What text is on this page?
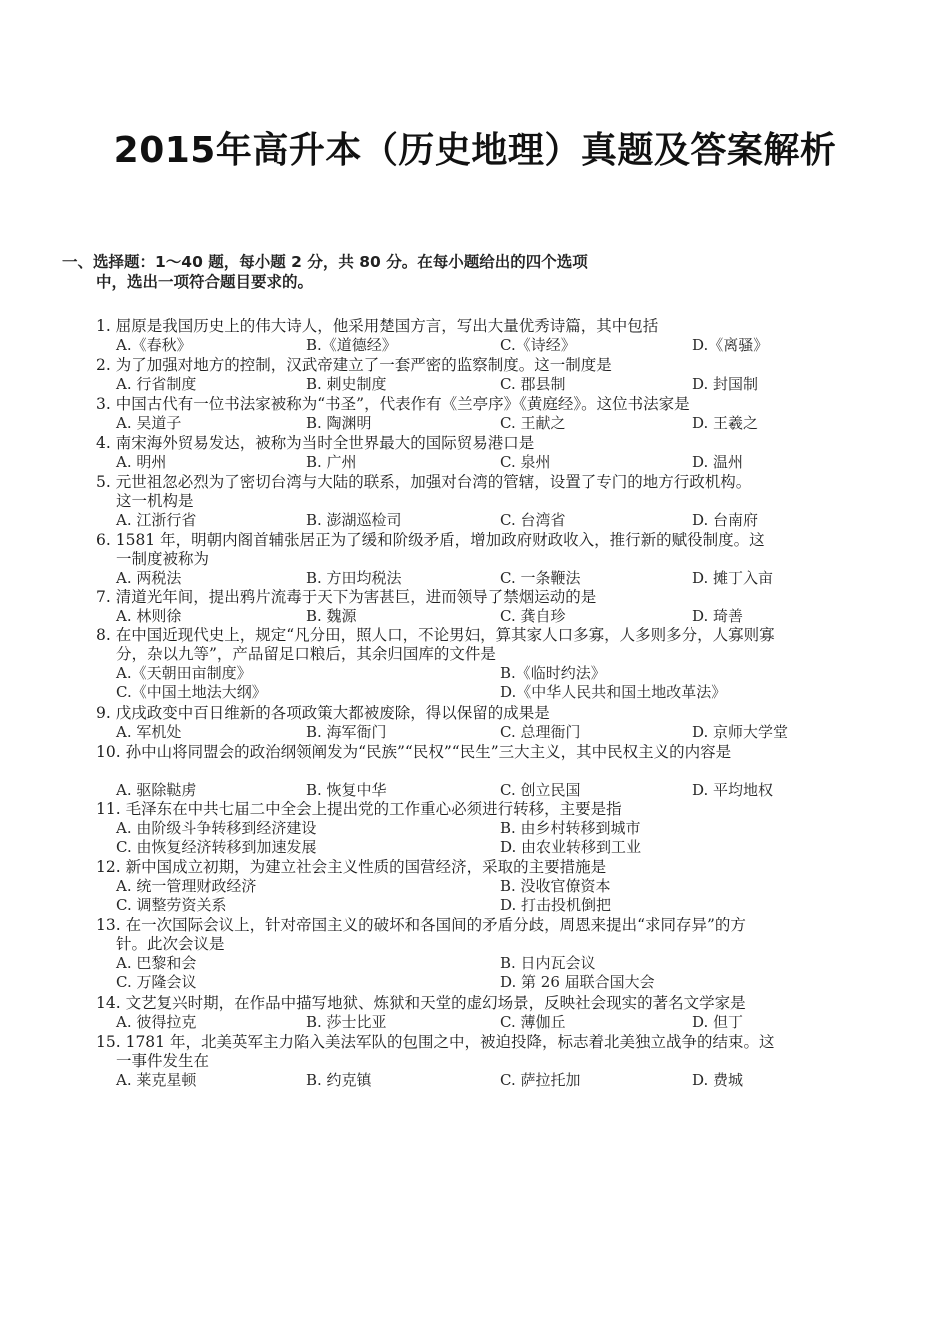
2015年高升本（历史地理）真题及答案解析
一、选择题：1～40 题，每小题 2 分，共 80 分。在每小题给出的四个选项
中，选出一项符合题目要求的。
1. 屈原是我国历史上的伟大诗人，他采用楚国方言，写出大量优秀诗篇，其中包括
A.《春秋》	B.《道德经》	C.《诗经》	D.《离骚》
2. 为了加强对地方的控制，汉武帝建立了一套严密的监察制度。这一制度是
A. 行省制度	B. 刺史制度	C. 郡县制	D. 封国制
3. 中国古代有一位书法家被称为“书圣”，代表作有《兰亭序》《黄庭经》。这位书法家是
A. 吴道子	B. 陶渊明	C. 王献之	D. 王羲之
4. 南宋海外贸易发达，被称为当时全世界最大的国际贸易港口是
A. 明州	B. 广州	C. 泉州	D. 温州
5. 元世祖忽必烈为了密切台湾与大陆的联系，加强对台湾的管辖，设置了专门的地方行政机构。
这一机构是
A. 江浙行省	B. 澎湖巡检司	C. 台湾省	D. 台南府
6. 1581 年，明朝内阁首辅张居正为了缓和阶级矛盾，增加政府财政收入，推行新的赋役制度。这
一制度被称为
A. 两税法	B. 方田均税法	C. 一条鞭法	D. 摊丁入亩
7. 清道光年间，提出鸦片流毒于天下为害甚巨，进而领导了禁烟运动的是
A. 林则徐	B. 魏源	C. 龚自珍	D. 琦善
8. 在中国近现代史上，规定“凡分田，照人口，不论男妇，算其家人口多寡，人多则多分，人寡则寡
分，杂以九等”，产品留足口粮后，其余归国库的文件是
A.《天朝田亩制度》	B.《临时约法》
C.《中国土地法大纲》	D.《中华人民共和国土地改革法》
9. 戊戌政变中百日维新的各项政策大都被废除，得以保留的成果是
A. 军机处	B. 海军衙门	C. 总理衙门	D. 京师大学堂
10. 孙中山将同盟会的政治纲领阐发为“民族”“民权”“民生”三大主义，其中民权主义的内容是
A. 驱除鞑虏	B. 恢复中华	C. 创立民国	D. 平均地权
11. 毛泽东在中共七届二中全会上提出党的工作重心必须进行转移，主要是指
A. 由阶级斗争转移到经济建设	B. 由乡村转移到城市
C. 由恢复经济转移到加速发展	D. 由农业转移到工业
12. 新中国成立初期，为建立社会主义性质的国营经济，采取的主要措施是
A. 统一管理财政经济	B. 没收官僚资本
C. 调整劳资关系	D. 打击投机倒把
13. 在一次国际会议上，针对帝国主义的破坏和各国间的矛盾分歧，周恩来提出“求同存异”的方
针。此次会议是
A. 巴黎和会	B. 日内瓦会议
C. 万隆会议	D. 第 26 届联合国大会
14. 文艺复兴时期，在作品中描写地狱、炼狱和天堂的虚幻场景，反映社会现实的著名文学家是
A. 彼得拉克	B. 莎士比亚	C. 薄伽丘	D. 但丁
15. 1781 年，北美英军主力陷入美法军队的包围之中，被迫投降，标志着北美独立战争的结束。这
一事件发生在
A. 莱克星顿	B. 约克镇	C. 萨拉托加	D. 费城
